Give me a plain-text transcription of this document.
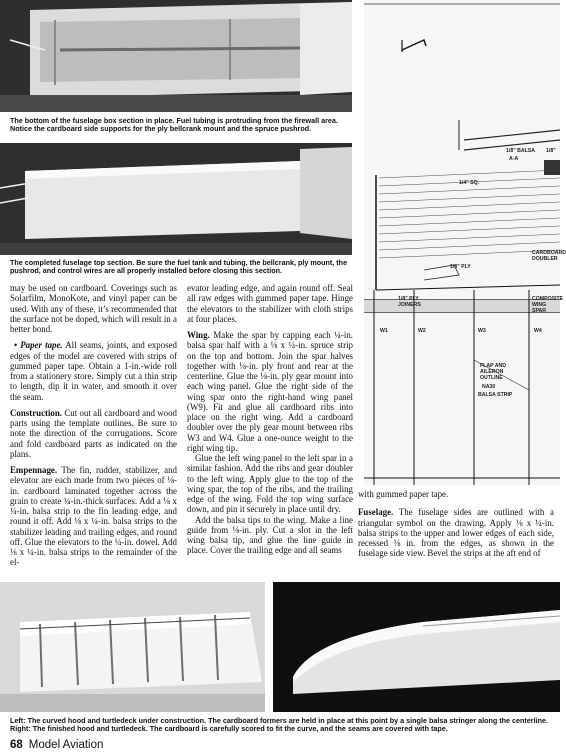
The bottom of the fuselage box section in place. Fuel tubing is protruding from the firewall area. Notice the cardboard side supports for the ply bellcrank mount and the spruce pushrod.
The completed fuselage top section. Be sure the fuel tank and tubing, the bellcrank, ply mount, the pushrod, and control wires are all properly installed before closing this section.
1/8" BALSA 1/8"
A-A
1/4" SQ.
1/8" PLY
CARDBOARD DOUBLER
1/8" PLY JOINERS
COMPOSITE WING SPAR
W1	W2	W3	W4
FLAP AND AILERON OUTLINE
NA30
BALSA STRIP

may be used on cardboard. Coverings such as Solarfilm, MonoKote, and vinyl paper can be used. With any of these, it’s recommended that the surface not be doped, which will result in a better bond.

• Paper tape. All seams, joints, and exposed edges of the model are covered with strips of gummed paper tape. Obtain a 1-in.-wide roll from a stationery store. Simply cut a thin strip to length, dip it in water, and smooth it over the seam.

Construction. Cut out all cardboard and wood parts using the template outlines. Be sure to note the direction of the corrugations. Score and fold cardboard parts as indicated on the plans.

Empennage. The fin, rudder, stabilizer, and elevator are each made from two pieces of ⅛-in. cardboard laminated together across the grain to create ¼-in.-thick surfaces. Add a ⅛ x ¼-in. balsa strip to the fin leading edge, and round it off. Add ⅛ x ¼-in. balsa strips to the stabilizer leading and trailing edges, and round off. Glue the elevators to the ¼-in. dowel. Add ⅛ x ¼-in. balsa strips to the remainder of the el-

evator leading edge, and again round off. Seal all raw edges with gummed paper tape. Hinge the elevators to the stabilizer with cloth strips at four places.

Wing. Make the spar by capping each ¼-in. balsa spar half with a ⅛ x ¼-in. spruce strip on the top and bottom. Join the spar halves together with ⅛-in. ply front and rear at the centerline. Glue the ⅛-in. ply gear mount into each wing panel. Glue the right side of the wing spar onto the right-hand wing panel (W9). Fit and glue all cardboard ribs into place on the right wing. Add a cardboard doubler over the ply gear mount between ribs W3 and W4. Glue a one-ounce weight to the right wing tip.

Glue the left wing panel to the left spar in a similar fashion. Add the ribs and gear doubler to the left wing. Apply glue to the top of the wing spar, the top of the ribs, and the trailing edge of the wing. Fold the top wing surface down, and pin it securely in place until dry.

Add the balsa tips to the wing. Make a line guide from ⅛-in. ply. Cut a slot in the left wing balsa tip, and glue the line guide in place. Cover the trailing edge and all seams

with gummed paper tape.

Fuselage. The fuselage sides are outlined with a triangular symbol on the drawing. Apply ⅛ x ¼-in. balsa strips to the upper and lower edges of each side, recessed ⅛ in. from the edges, as shown in the fuselage side view. Bevel the strips at the aft end of

Left: The curved hood and turtledeck under construction. The cardboard formers are held in place at this point by a single balsa stringer along the centerline. Right: The finished hood and turtledeck. The cardboard is carefully scored to fit the curve, and the seams are covered with tape.
68 Model Aviation
